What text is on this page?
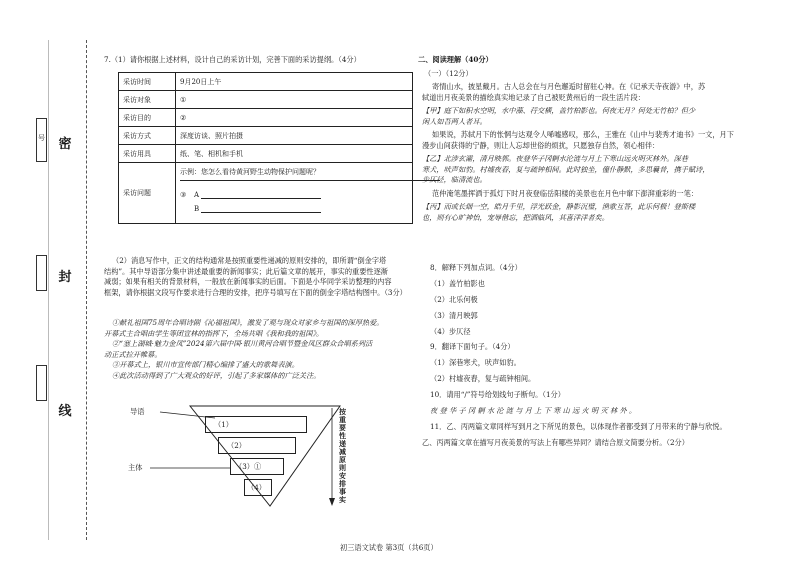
号 密
封
线
7.（1）请你根据上述材料，设计自己的采访计划，完善下面的采访提纲。（4分）
采访时间	9月20日上午
采访对象	①
采访目的	②
采访方式	深度访谈、照片拍摄
采访用具	纸、笔、相机和手机
采访问题	示例：您怎么看待黄河野生动物保护问题呢？
③ A
B
（2）消息写作中，正文的结构通常是按照重要性递减的原则安排的，即所谓“倒金字塔
结构”。其中导语部分集中讲述最重要的新闻事实；此后篇文章的展开，事实的重要性逐渐
减弱；如果有相关的背景材料，一般放在新闻事实的后面。下面是小华同学采访整理的内容
框架，请你根据文段写作要求进行合理的安排，把序号填写在下面的倒金字塔结构图中。（3分）
①献礼祖国75周年合唱诗剧《沁福祖国》，激发了观与现众对家乡与祖国的深厚热爱。
开幕式主合唱由学生等团宣林的指挥下，全场共唱《我和我的祖国》。
②“塞上湖城·魅力金凤”2024第六届中国·银川黄河合唱节暨金凤区群众合唱系列活
动正式拉开帷幕。
③开幕式上，银川市宣传部门精心编排了盛大的歌舞表演。
④此次活动得到了广大观众的好评，引起了多家媒体的广泛关注。
导语
主体
（1）
（2）
（3）①
（4）
按
重
要
性
递
减
原
则
安
排
事
实
二、阅读理解（40分）
（一）（12分）
寄情山水，披星戴月。古人总会在与月色邂逅时留驻心神。在《记承天寺夜游》中，苏
轼道出月夜美景的描绘真实地记录了自己被贬黄州后的一段生活片段：
【甲】庭下如积水空明，水中藻、荇交横，盖竹柏影也。何夜无月？何处无竹柏？但少
闲人如吾两人者耳。
如果说，苏轼月下的怅惘与达观令人唏嘘感叹，那么，王雅在《山中与裴秀才迪书》一文，月下
漫步山间获得的宁静，则让人忘却世俗的烦扰，只愿独存自然，领心相伴：
【乙】北涉玄灞，清月映郭。夜登华子冈辋水沦涟与月上下寒山远火明灭林外。深巷
寒犬，吠声如豹。村墟夜舂，复与疏钟相间。此时独坐，僮仆静默，多思曩昔，携手赋诗，
步仄径，临清流也。
范仲淹笔墨挥洒于孤灯下时月夜登临岳阳楼的美景也在月色中窜下澎湃重彩的一笔：
【丙】而或长烟一空，皓月千里，浮光跃金，静影沉璧，渔歌互答，此乐何极！登斯楼
也，则有心旷神怡，宠辱偕忘，把酒临风，其喜洋洋者矣。
8．解释下列加点词。（4分）
（1）盖竹柏影也
（2）北乐何极
（3）清月映郭
（4）步仄径
9．翻译下面句子。（4分）
（1）深巷寒犬，吠声如豹。
（2）村墟夜舂，复与疏钟相间。
10．请用“/”符号给划线句子断句。（1分）
夜 登 华 子 冈 辋 水 沦 涟 与 月 上 下 寒 山 远 火 明 灭 林 外 。
11．乙、丙两篇文章同样写到月之下所见的景色，以体现作者都受到了月带来的宁静与欣悦。
乙、丙两篇文章在描写月夜美景的写法上有哪些异同？请结合原文简要分析。（2分）
初三语文试卷 第3页（共6页）
